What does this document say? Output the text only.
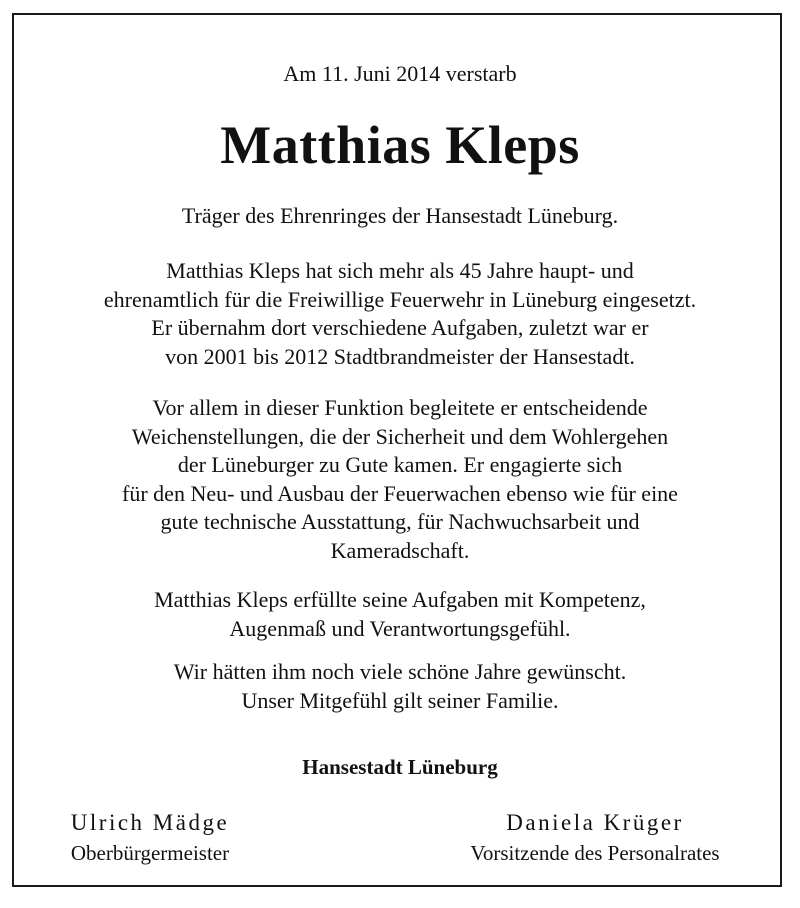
Am 11. Juni 2014 verstarb
Matthias Kleps
Träger des Ehrenringes der Hansestadt Lüneburg.
Matthias Kleps hat sich mehr als 45 Jahre haupt- und
ehrenamtlich für die Freiwillige Feuerwehr in Lüneburg eingesetzt.
Er übernahm dort verschiedene Aufgaben, zuletzt war er
von 2001 bis 2012 Stadtbrandmeister der Hansestadt.
Vor allem in dieser Funktion begleitete er entscheidende
Weichenstellungen, die der Sicherheit und dem Wohlergehen
der Lüneburger zu Gute kamen. Er engagierte sich
für den Neu- und Ausbau der Feuerwachen ebenso wie für eine
gute technische Ausstattung, für Nachwuchsarbeit und
Kameradschaft.
Matthias Kleps erfüllte seine Aufgaben mit Kompetenz,
Augenmaß und Verantwortungsgefühl.
Wir hätten ihm noch viele schöne Jahre gewünscht.
Unser Mitgefühl gilt seiner Familie.
Hansestadt Lüneburg
Ulrich Mädge
Oberbürgermeister
Daniela Krüger
Vorsitzende des Personalrates
